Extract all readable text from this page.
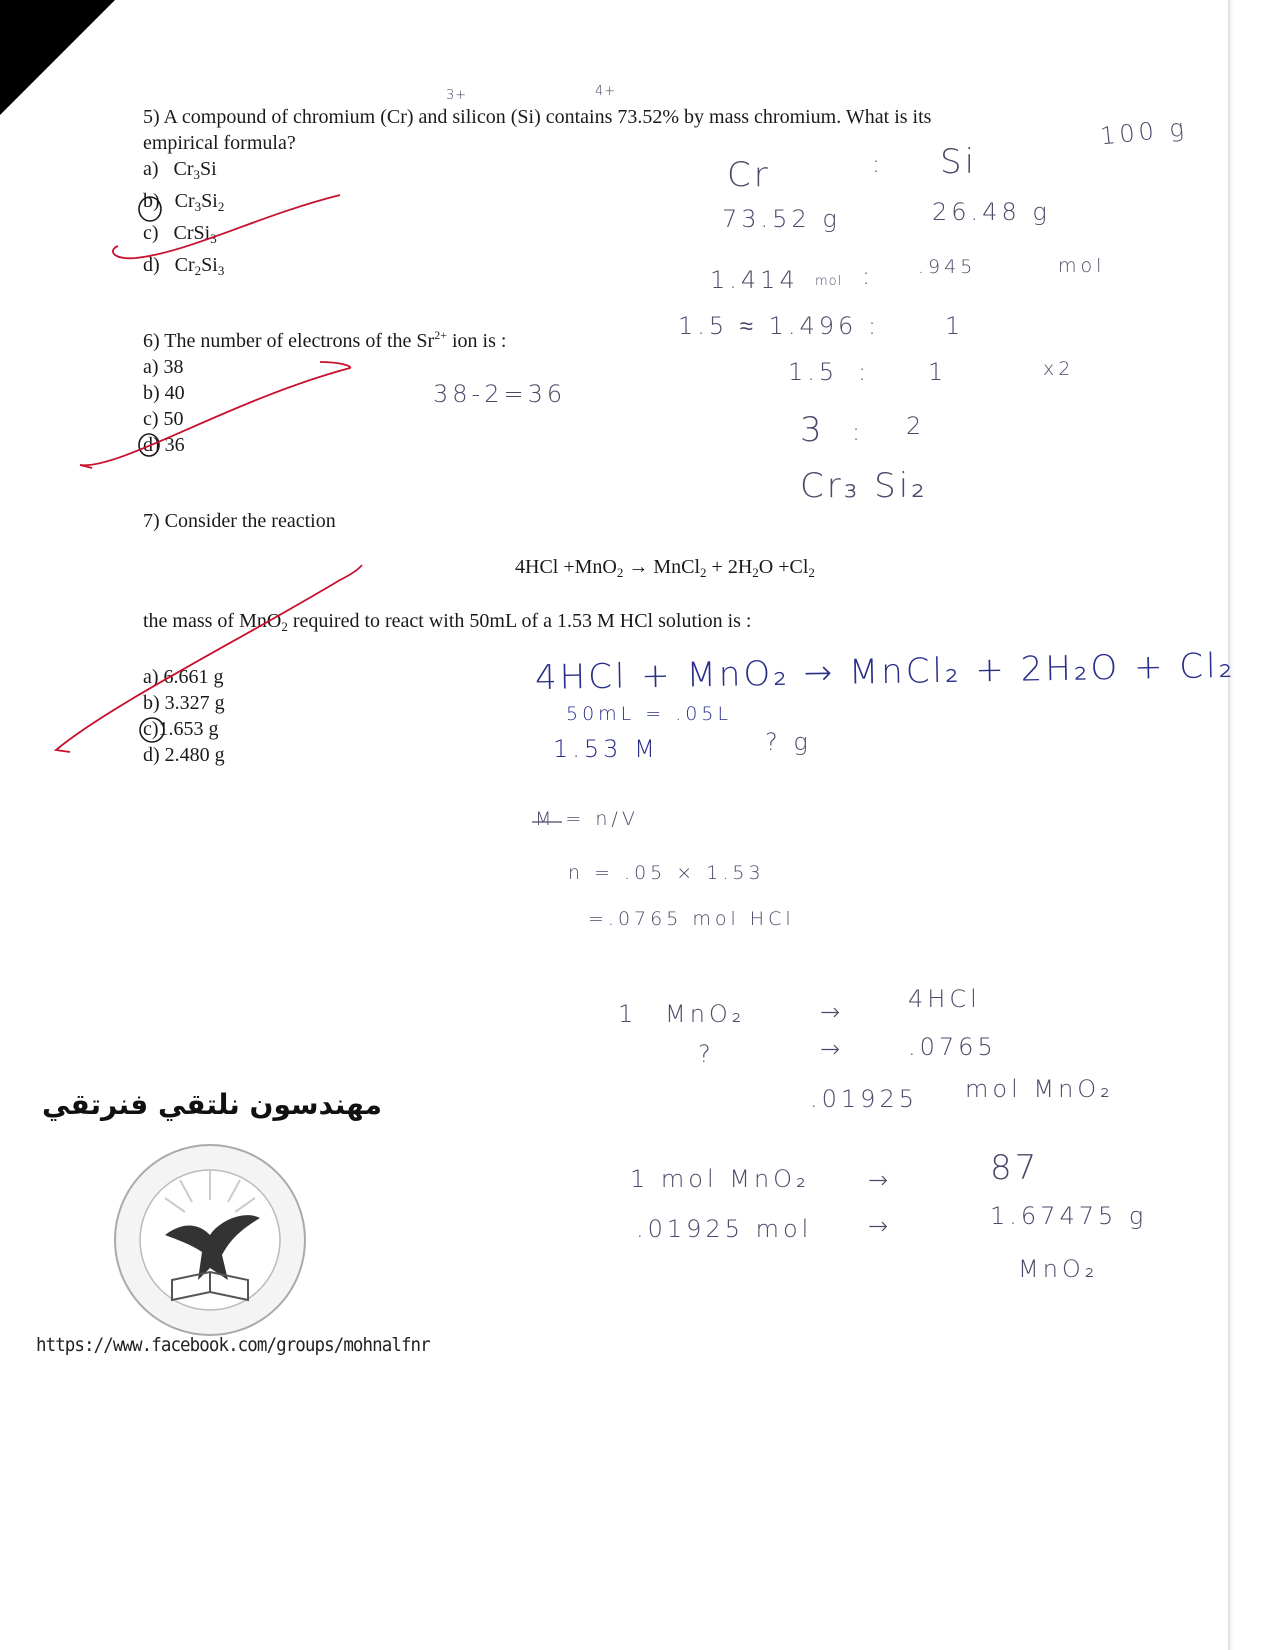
5) A compound of chromium (Cr) and silicon (Si) contains 73.52% by mass chromium. What is its

empirical formula?

a) $Cr_3Si$

b) $Cr_3Si_2$

c) CrSi$_3$

d) $Cr_2Si_3$

6) The number of electrons of the $Sr^{2+}$ ion is :

a) 38

b) 40

c) 50

d) 36

7) Consider the reaction
4HCl +MnO$_2$ → MnCl$_2$ + $2H_2O +Cl_2$
the mass of MnO$_2$ required to react with 50mL of a 1.53 M HCl solution is :

a) 6.661 g

b) 3.327 g

c)1.653 g

d) 2.480 g

3+	4+
100 g
Cr	: Si
73.52 g	26.48 g
1.414 mol : .945	mol
1.5 ≈ 1.496 :	1
1.5 : 1	x2
3 : 2
Cr₃ Si₂
38-2=36
4HCl + MnO₂ → MnCl₂ + 2H₂O + Cl₂
50mL = .05L
1.53 M	? g
M = n/V
n = .05 × 1.53
=.0765 mol HCl
1 MnO₂	→	4HCl
?	→	.0765
.01925 mol MnO₂
1 mol MnO₂ →	87
.01925 mol →	1.67475 g
MnO₂
مهندسون نلتقي فنرتقي
https://www.facebook.com/groups/mohnalfnr
